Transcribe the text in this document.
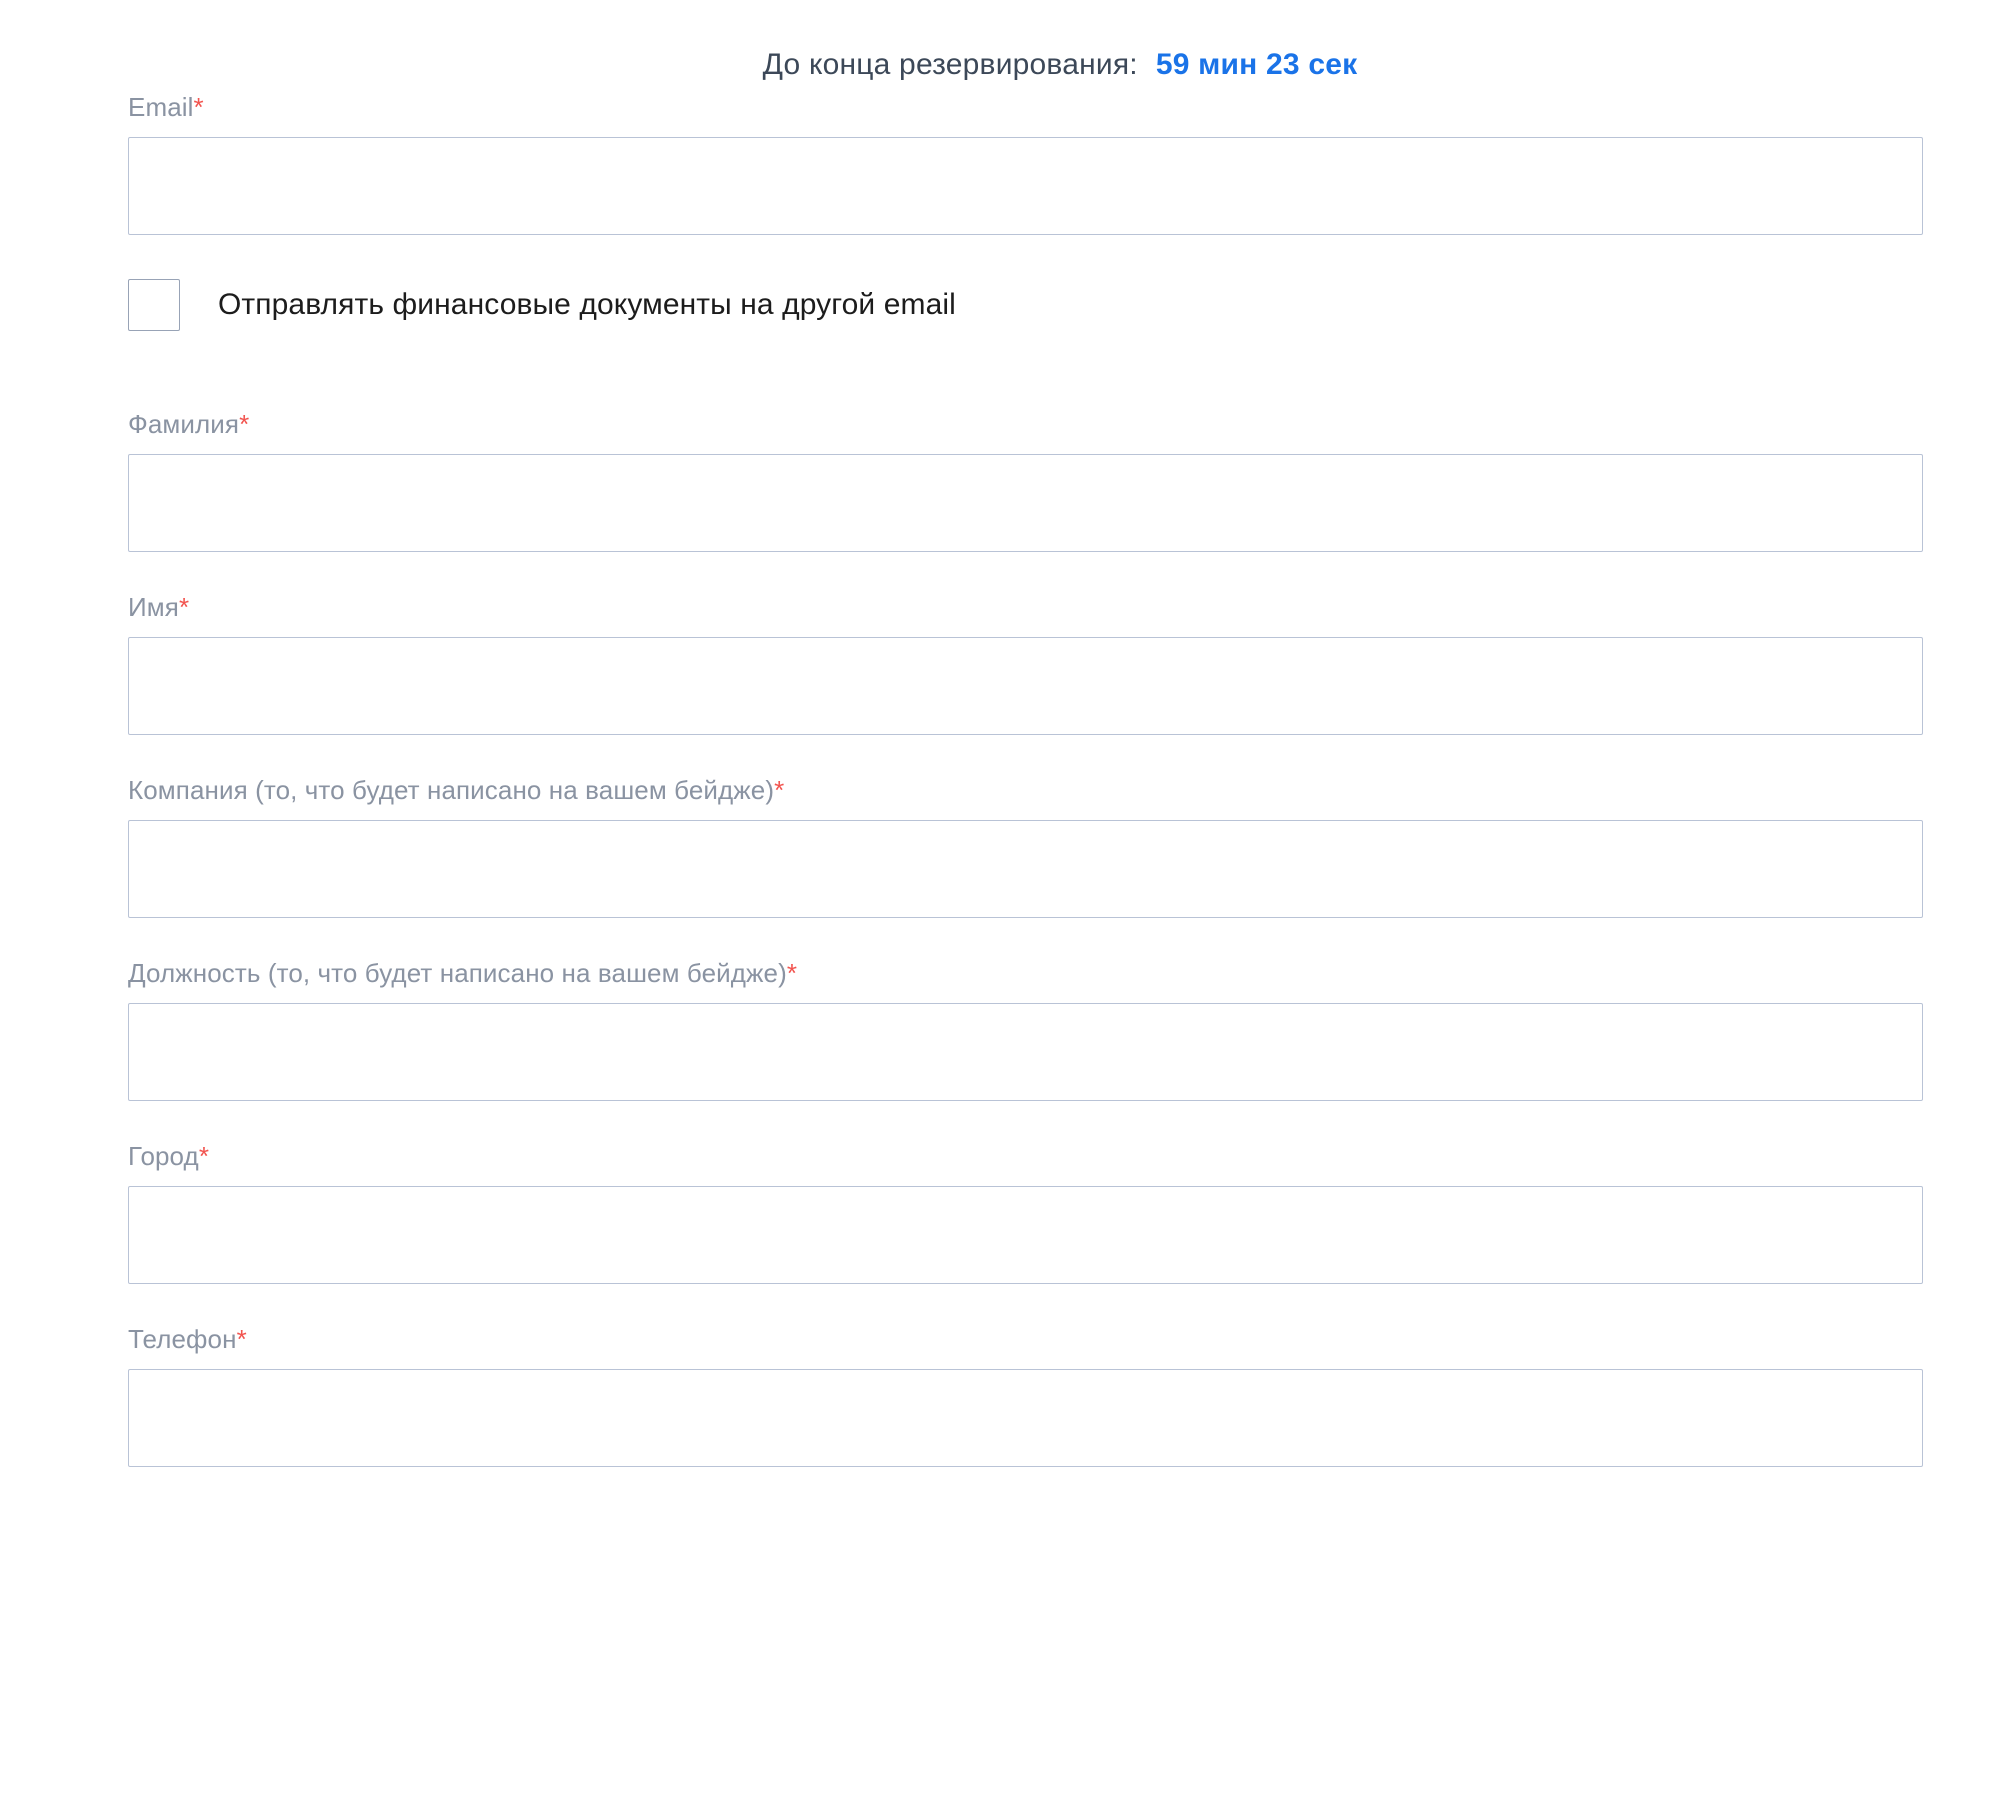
До конца резервирования: 59 мин 23 сек
Email*
Отправлять финансовые документы на другой email
Фамилия*
Имя*
Компания (то, что будет написано на вашем бейдже)*
Должность (то, что будет написано на вашем бейдже)*
Город*
Телефон*
